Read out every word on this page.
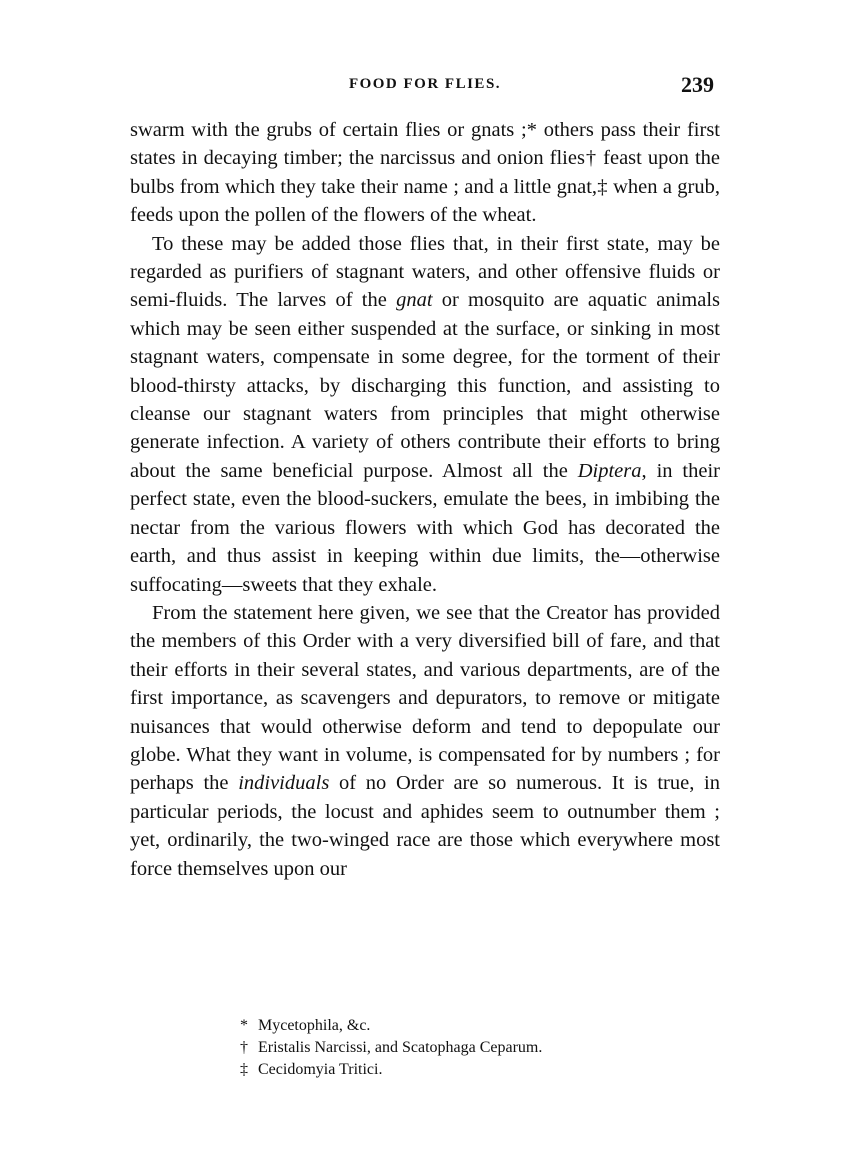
FOOD FOR FLIES.	239

swarm with the grubs of certain flies or gnats ;* others pass their first states in decaying timber; the narcissus and onion flies† feast upon the bulbs from which they take their name ; and a little gnat,‡ when a grub, feeds upon the pollen of the flowers of the wheat.

To these may be added those flies that, in their first state, may be regarded as purifiers of stagnant waters, and other offensive fluids or semi-fluids. The larves of the gnat or mosquito are aquatic animals which may be seen either suspended at the surface, or sinking in most stagnant waters, compensate in some degree, for the torment of their blood-thirsty attacks, by discharging this function, and assisting to cleanse our stagnant waters from principles that might otherwise generate infection. A variety of others contribute their efforts to bring about the same beneficial purpose. Almost all the Diptera, in their perfect state, even the blood-suckers, emulate the bees, in imbibing the nectar from the various flowers with which God has decorated the earth, and thus assist in keeping within due limits, the—otherwise suffocating—sweets that they exhale.

From the statement here given, we see that the Creator has provided the members of this Order with a very diversified bill of fare, and that their efforts in their several states, and various departments, are of the first importance, as scavengers and depurators, to remove or mitigate nuisances that would otherwise deform and tend to depopulate our globe. What they want in volume, is compensated for by numbers ; for perhaps the individuals of no Order are so numerous. It is true, in particular periods, the locust and aphides seem to outnumber them ; yet, ordinarily, the two-winged race are those which everywhere most force themselves upon our

* Mycetophila, &c.

† Eristalis Narcissi, and Scatophaga Ceparum.

‡ Cecidomyia Tritici.
